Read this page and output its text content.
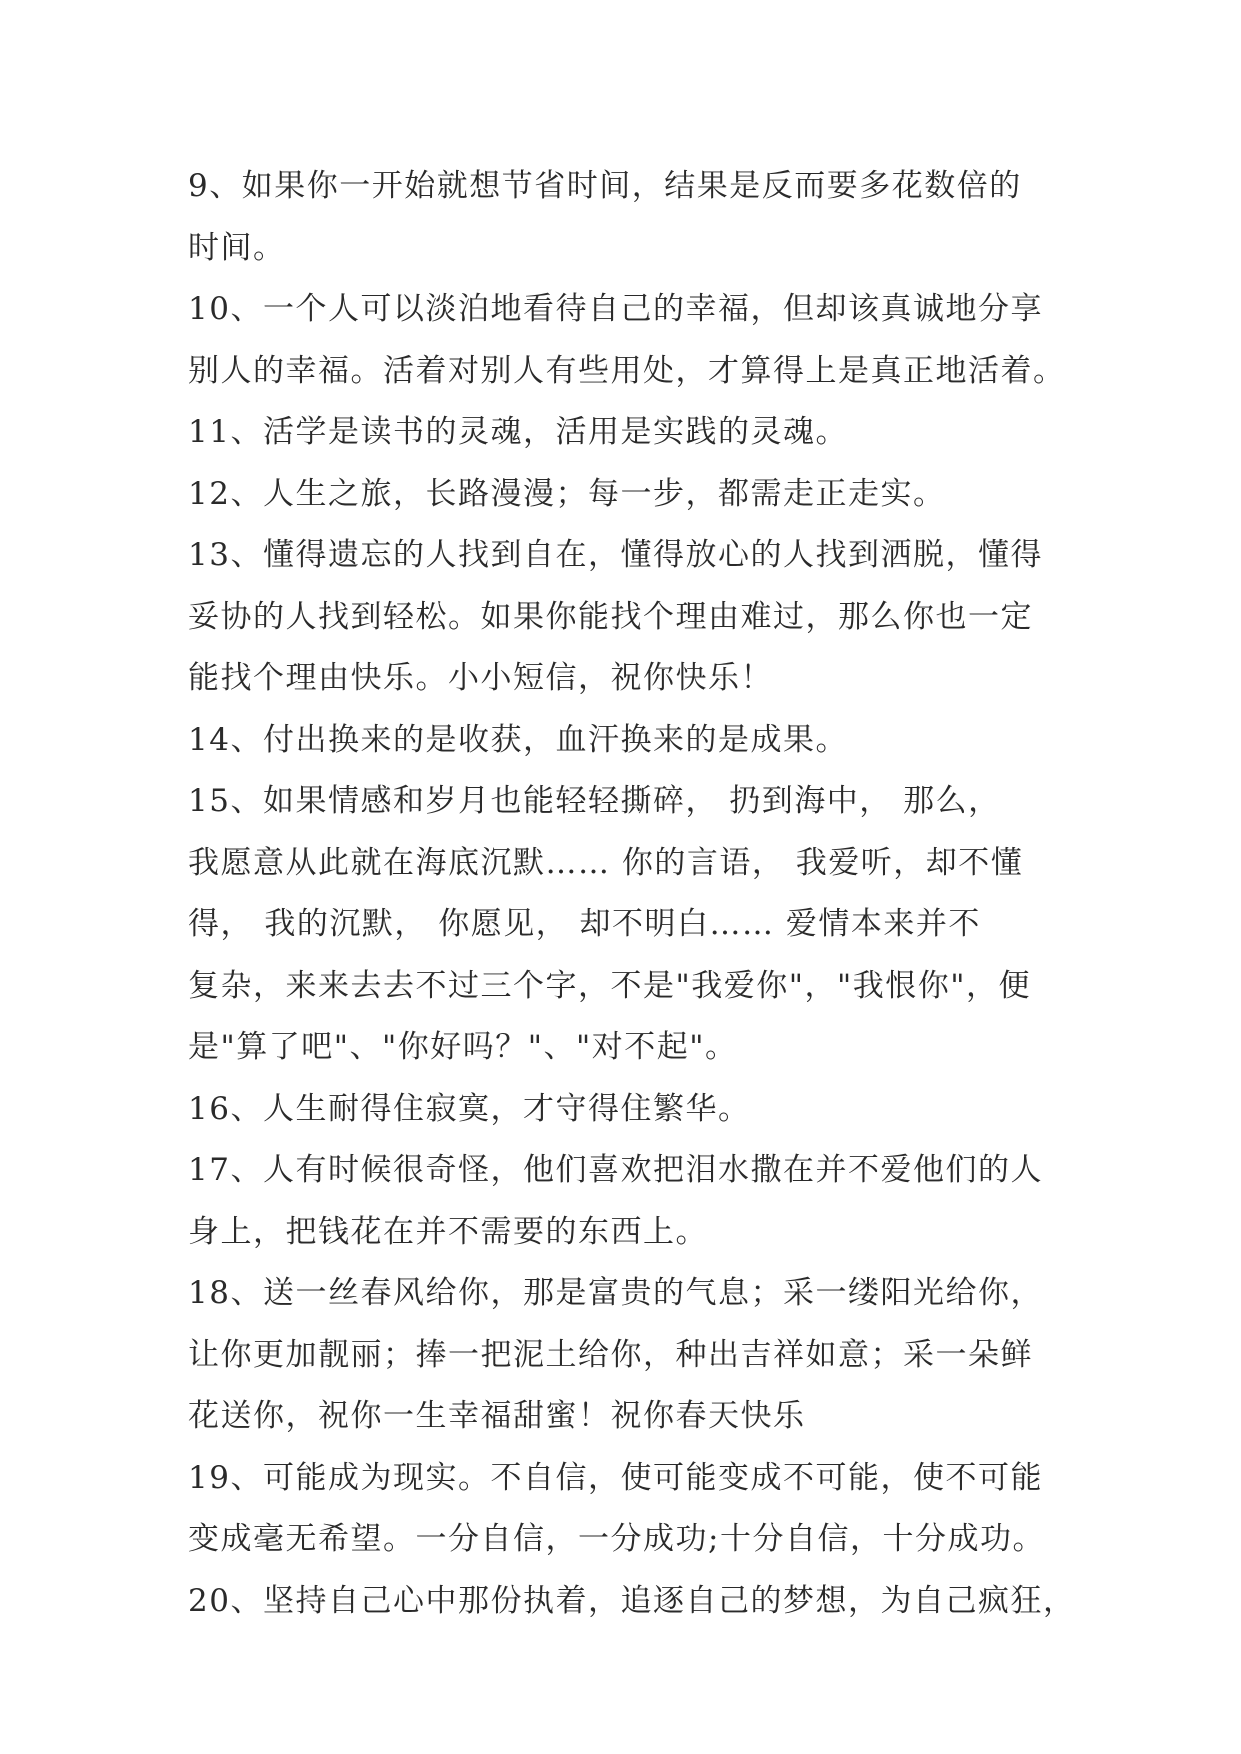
9、如果你一开始就想节省时间，结果是反而要多花数倍的
时间。
10、一个人可以淡泊地看待自己的幸福，但却该真诚地分享
别人的幸福。活着对别人有些用处，才算得上是真正地活着。
11、活学是读书的灵魂，活用是实践的灵魂。
12、人生之旅，长路漫漫；每一步，都需走正走实。
13、懂得遗忘的人找到自在，懂得放心的人找到洒脱，懂得
妥协的人找到轻松。如果你能找个理由难过，那么你也一定
能找个理由快乐。小小短信，祝你快乐！
14、付出换来的是收获，血汗换来的是成果。
15、如果情感和岁月也能轻轻撕碎， 扔到海中， 那么，
我愿意从此就在海底沉默…… 你的言语， 我爱听，却不懂
得， 我的沉默， 你愿见， 却不明白…… 爱情本来并不
复杂，来来去去不过三个字，不是"我爱你"，"我恨你"，便
是"算了吧"、"你好吗？"、"对不起"。
16、人生耐得住寂寞，才守得住繁华。
17、人有时候很奇怪，他们喜欢把泪水撒在并不爱他们的人
身上，把钱花在并不需要的东西上。
18、送一丝春风给你，那是富贵的气息；采一缕阳光给你，
让你更加靓丽；捧一把泥土给你，种出吉祥如意；采一朵鲜
花送你，祝你一生幸福甜蜜！祝你春天快乐
19、可能成为现实。不自信，使可能变成不可能，使不可能
变成毫无希望。一分自信，一分成功;十分自信，十分成功。
20、坚持自己心中那份执着，追逐自己的梦想，为自己疯狂，
